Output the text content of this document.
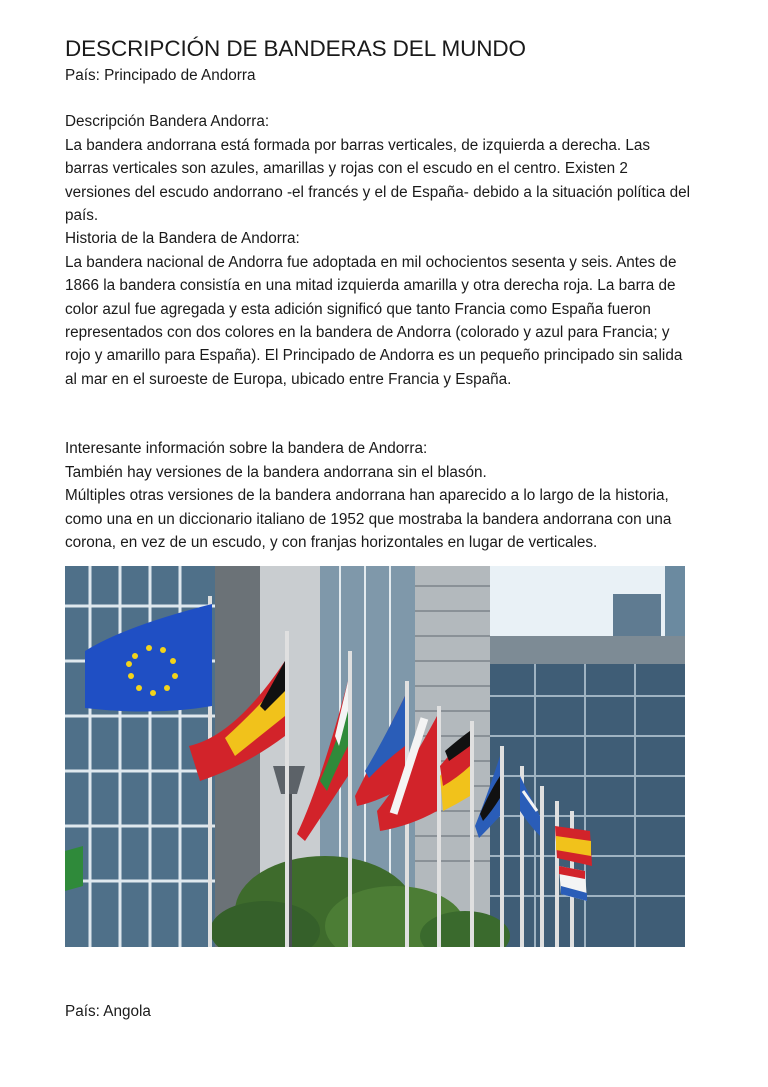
DESCRIPCIÓN DE BANDERAS DEL MUNDO

País: Principado de Andorra

Descripción Bandera Andorra:

La bandera andorrana está formada por barras verticales, de izquierda a derecha. Las

barras verticales son azules, amarillas y rojas con el escudo en el centro. Existen 2

versiones del escudo andorrano -el francés y el de España- debido a la situación política del

país.

Historia de la Bandera de Andorra:

La bandera nacional de Andorra fue adoptada en mil ochocientos sesenta y seis. Antes de

1866 la bandera consistía en una mitad izquierda amarilla y otra derecha roja. La barra de

color azul fue agregada y esta adición significó que tanto Francia como España fueron

representados con dos colores en la bandera de Andorra (colorado y azul para Francia; y

rojo y amarillo para España). El Principado de Andorra es un pequeño principado sin salida

al mar en el suroeste de Europa, ubicado entre Francia y España.

Interesante información sobre la bandera de Andorra:

También hay versiones de la bandera andorrana sin el blasón.

Múltiples otras versiones de la bandera andorrana han aparecido a lo largo de la historia,

como una en un diccionario italiano de 1952 que mostraba la bandera andorrana con una

corona, en vez de un escudo, y con franjas horizontales en lugar de verticales.

País: Angola
